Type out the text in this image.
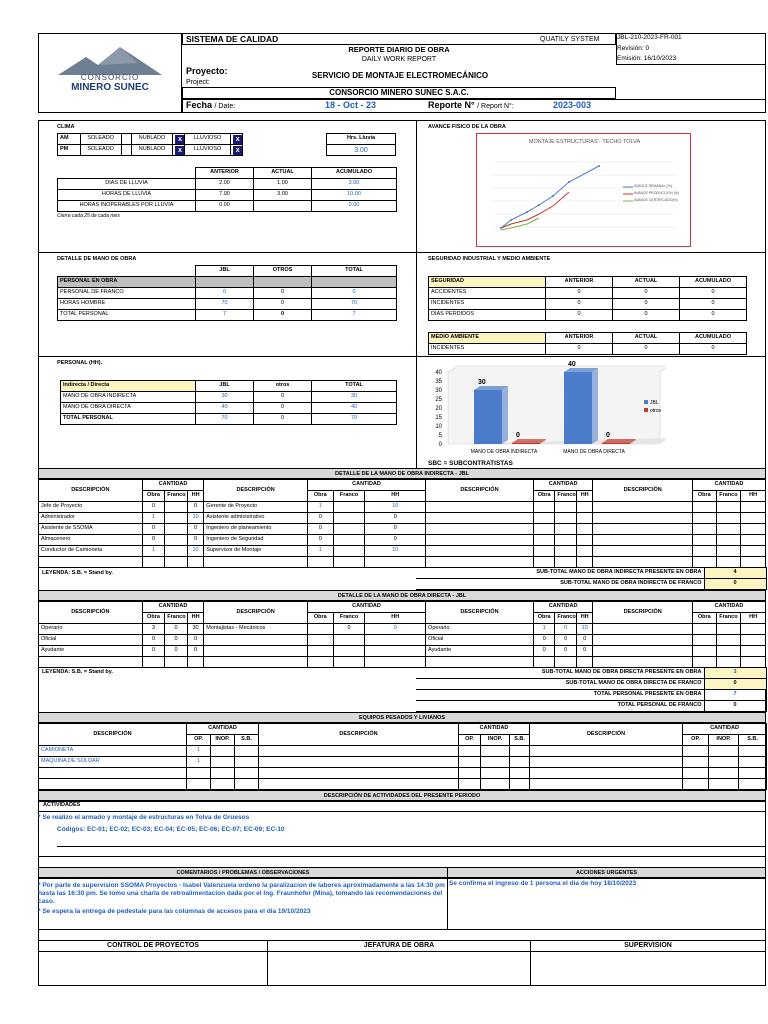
CONSORCIO
MINERO SUNEC
SISTEMA DE CALIDAD	QUATILY SYSTEM	JBL-210-2023-FR-001
Revisión: 0
Emisión: 16/10/2023
REPORTE DIARIO DE OBRA
DAILY WORK REPORT
Proyecto:
Project:
SERVICIO DE MONTAJE ELECTROMECÁNICO
CONSORCIO MINERO SUNEC S.A.C.
Fecha / Date:	18 - Oct - 23	Reporte N° / Report N°:	2023-003
CLIMA
AM	SOLEADO		NUBLADO	x	LLUVIOSO	x
PM	SOLEADO		NUBLADO	x	LLUVIOSO	x
Hrs. Lluvia
3.00
	ANTERIOR	ACTUAL	ACUMULADO
DIAS DE LLUVIA	2.00	1.00	3.00
HORAS DE LLUVIA	7.00	3.00	10.00
HORAS INOPERABLES POR LLUVIA	0.00		0.00
Cierre cada 25 de cada mes
AVANCE FISICO DE LA OBRA
MONTAJE ESTRUCTURAS - TECHO TOLVA
AVANCE SEMANAL (%)
AVANCE PRODUCCION (%)
AVANCE CERTIFICADO(%)
DETALLE DE MANO DE OBRA
	JBL	OTROS	TOTAL
PERSONAL EN OBRA			
PERSONAL DE FRANCO	0	0	0
HORAS HOMBRE	70	0	70
TOTAL PERSONAL	7	0	7
SEGURIDAD INDUSTRIAL Y MEDIO AMBIENTE
SEGURIDAD	ANTERIOR	ACTUAL	ACUMULADO
ACCIDENTES	0	0	0
INCIDENTES	0	0	0
DÍAS PERDIDOS	0	0	0
MEDIO AMBIENTE	ANTERIOR	ACTUAL	ACUMULADO
INCIDENTES	0	0	0
PERSONAL (HH).
Indirecta / Directa	JBL	otros	TOTAL
MANO DE OBRA INDIRECTA	30	0	30
MANO DE OBRA DIRECTA	40	0	40
TOTAL PERSONAL	70	0	70
0
5
10
15
20
25
30
35
40
30
0
MANO DE OBRA INDIRECTA
40
0
MANO DE OBRA DIRECTA
JBL
otros
SBC = SUBCONTRATISTAS
DETALLE DE LA MANO DE OBRA INDIRECTA - JBL
DESCRIPCIÓN	CANTIDAD			DESCRIPCIÓN	CANTIDAD			DESCRIPCIÓN	CANTIDAD			DESCRIPCIÓN	CANTIDAD		
	Obra	Franco	HH		Obra	Franco	HH		Obra	Franco	HH		Obra	Franco	HH
Jefe de Proyecto	0		0	Gerente de Proyecto	1		10								
Administrador	1		10	Asistente administrativo	0		0								
Asistente de SSOMA	0		0	Ingeniero de planeamiento	0		0								
Almacenero	0		0	Ingeniero de Seguridad	0		0								
Conductor de Camioneta	1		10	Supervisor de Montaje	1		10								

LEYENDA: S.B. = Stand by.	SUB-TOTAL MANO DE OBRA INDIRECTA PRESENTE EN OBRA	4
SUB-TOTAL MANO DE OBRA INDIRECTA DE FRANCO	0
DETALLE DE LA MANO DE OBRA DIRECTA - JBL
DESCRIPCIÓN	CANTIDAD			DESCRIPCIÓN	CANTIDAD			DESCRIPCIÓN	CANTIDAD			DESCRIPCIÓN	CANTIDAD		
	Obra	Franco	HH		Obra	Franco	HH		Obra	Franco	HH		Obra	Franco	HH
Operario	3	0	30	Montajistas - Mecánicos		0	0	Operario	1	0	10				
Oficial	0	0	0					Oficial	0	0	0				
Ayudante	0	0	0					Ayudante	0	0	0				

LEYENDA: S.B. = Stand by.	SUB-TOTAL MANO DE OBRA DIRECTA PRESENTE EN OBRA	3
SUB-TOTAL MANO DE OBRA DIRECTA DE FRANCO	0
TOTAL PERSONAL PRESENTE EN OBRA	7
TOTAL PERSONAL DE FRANCO	0
EQUIPOS PESADOS Y LIVIANOS
DESCRIPCIÓN	CANTIDAD			DESCRIPCIÓN	CANTIDAD			DESCRIPCIÓN	CANTIDAD		
	OP.	INOP.	S.B.		OP.	INOP.	S.B.		OP.	INOP.	S.B.
CAMIONETA	1										
MAQUINA DE SOLDAR	1										

DESCRIPCIÓN DE ACTIVIDADES DEL PRESENTE PERIODO
ACTIVIDADES
* Se realizo el armado y montaje de estructuras en Tolva de Gruesos
Códigos: EC-01; EC-02; EC-03; EC-04; EC-05; EC-06; EC-07; EC-09; EC-10
COMENTARIOS / PROBLEMAS / OBSERVACIONES	ACCIONES URGENTES
* Por parte de supervision SSOMA Proyectos - Isabel Valenzuela ordeno la paralizacion de labores aproximadamente a las 14:30 pm hasta las 16:30 pm. Se tomo una charla de retroalimentacion dada por el Ing. Fraunhofer (Mina), tomando las recomendaciones del caso.
* Se espera la entrega de pedestale para las columnas de accesos para el dia 19/10/2023
Se confirma el ingreso de 1 persona el dia de hoy 18/10/2023
CONTROL DE PROYECTOS	JEFATURA DE OBRA	SUPERVISION
